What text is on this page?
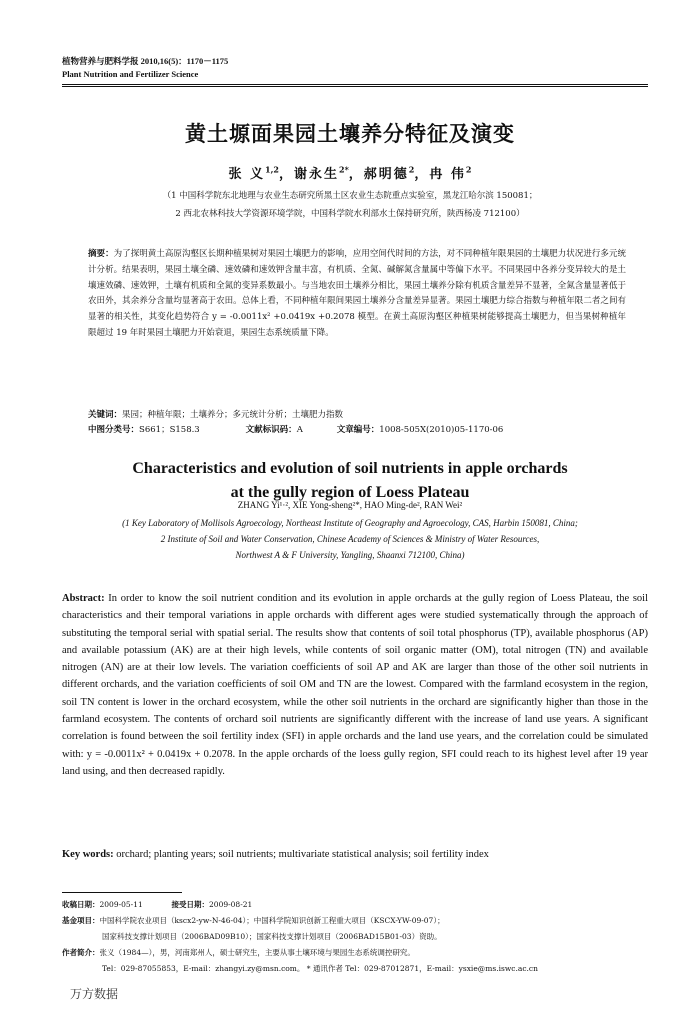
植物营养与肥料学报 2010,16(5)：1170－1175
Plant Nutrition and Fertilizer Science
黄土塬面果园土壤养分特征及演变
张 义$^{1,2}$，谢永生$^{2*}$，郝明德$^2$，冉 伟$^2$
（1 中国科学院东北地理与农业生态研究所黑土区农业生态院重点实验室，黑龙江哈尔滨 150081；
2 西北农林科技大学资源环境学院，中国科学院水利部水土保持研究所，陕西杨凌 712100）
摘要：为了探明黄土高原沟壑区长期种植果树对果园土壤肥力的影响，应用空间代时间的方法，对不同种植年限果园的土壤肥力状况进行多元统计分析。结果表明，果园土壤全磷、速效磷和速效钾含量丰富，有机质、全氮、碱解氮含量属中等偏下水平。不同果园中各养分变异较大的是土壤速效磷、速效钾，土壤有机质和全氮的变异系数最小。与当地农田土壤养分相比，果园土壤养分除有机质含量差异不显著，全氮含量显著低于农田外，其余养分含量均显著高于农田。总体上看，不同种植年限间果园土壤养分含量差异显著。果园土壤肥力综合指数与种植年限二者之间有显著的相关性，其变化趋势符合 y = -0.0011x² +0.0419x +0.2078 模型。在黄土高原沟壑区种植果树能够提高土壤肥力，但当果树种植年限超过 19 年时果园土壤肥力开始衰退，果园生态系统质量下降。
关键词：果园；种植年限；土壤养分；多元统计分析；土壤肥力指数
中图分类号：S661；S158.3	文献标识码：A	文章编号：1008-505X(2010)05-1170-06
Characteristics and evolution of soil nutrients in apple orchards
at the gully region of Loess Plateau
ZHANG Yi¹·², XIE Yong-sheng²*, HAO Ming-de², RAN Wei²
(1 Key Laboratory of Mollisols Agroecology, Northeast Institute of Geography and Agroecology, CAS, Harbin 150081, China;
2 Institute of Soil and Water Conservation, Chinese Academy of Sciences & Ministry of Water Resources,
Northwest A & F University, Yangling, Shaanxi 712100, China)
Abstract: In order to know the soil nutrient condition and its evolution in apple orchards at the gully region of Loess Plateau, the soil characteristics and their temporal variations in apple orchards with different ages were studied systematically through the approach of substituting the temporal serial with spatial serial. The results show that contents of soil total phosphorus (TP), available phosphorus (AP) and available potassium (AK) are at their high levels, while contents of soil organic matter (OM), total nitrogen (TN) and available nitrogen (AN) are at their low levels. The variation coefficients of soil AP and AK are larger than those of the other soil nutrients in different orchards, and the variation coefficients of soil OM and TN are the lowest. Compared with the farmland ecosystem in the region, soil TN content is lower in the orchard ecosystem, while the other soil nutrients in the orchard are significantly higher than those in the farmland ecosystem. The contents of orchard soil nutrients are significantly different with the increase of land use years. A significant correlation is found between the soil fertility index (SFI) in apple orchards and the land use years, and the correlation could be simulated with: y = -0.0011x² + 0.0419x + 0.2078. In the apple orchards of the loess gully region, SFI could reach to its highest level after 19 year land using, and then decreased rapidly.
Key words: orchard; planting years; soil nutrients; multivariate statistical analysis; soil fertility index
收稿日期：2009-05-11	接受日期：2009-08-21
基金项目：中国科学院农业项目（kscx2-yw-N-46-04）；中国科学院知识创新工程重大项目（KSCX-YW-09-07）；
国家科技支撑计划项目（2006BAD09B10）；国家科技支撑计划项目（2006BAD15B01-03）资助。
作者简介：张义（1984—），男，河南郑州人，硕士研究生，主要从事土壤环境与果园生态系统调控研究。
Tel：029-87055853，E-mail：zhangyi.zy@msn.com。 * 通讯作者 Tel：029-87012871，E-mail：ysxie@ms.iswc.ac.cn
万方数据
